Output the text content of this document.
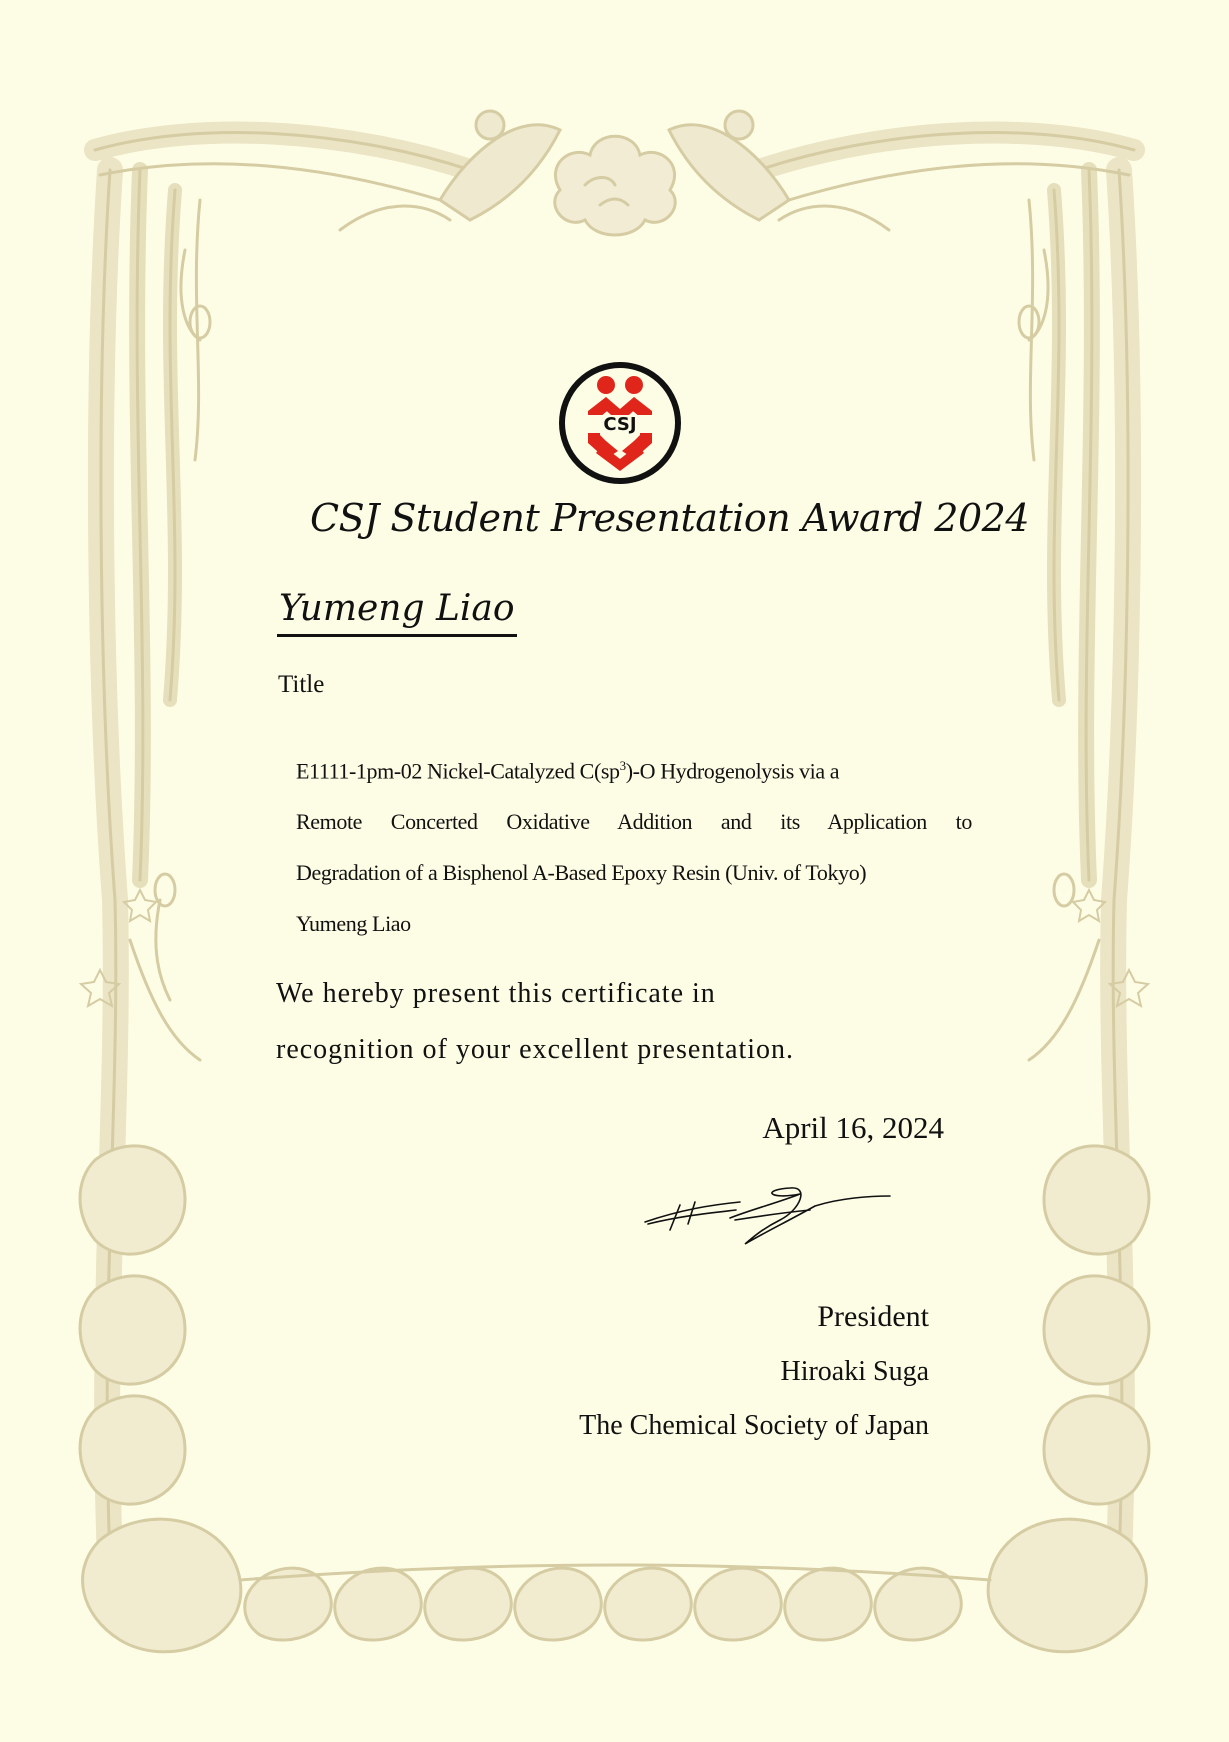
CSJ
CSJ Student Presentation Award 2024
Yumeng Liao
Title
E1111-1pm-02 Nickel-Catalyzed $C(sp^3)-O$ Hydrogenolysis via a
Remote Concerted Oxidative Addition and its Application to
Degradation of a Bisphenol A-Based Epoxy Resin (Univ. of Tokyo)
Yumeng Liao
We hereby present this certificate in
recognition of your excellent presentation.
April 16, 2024
President
Hiroaki Suga
The Chemical Society of Japan
